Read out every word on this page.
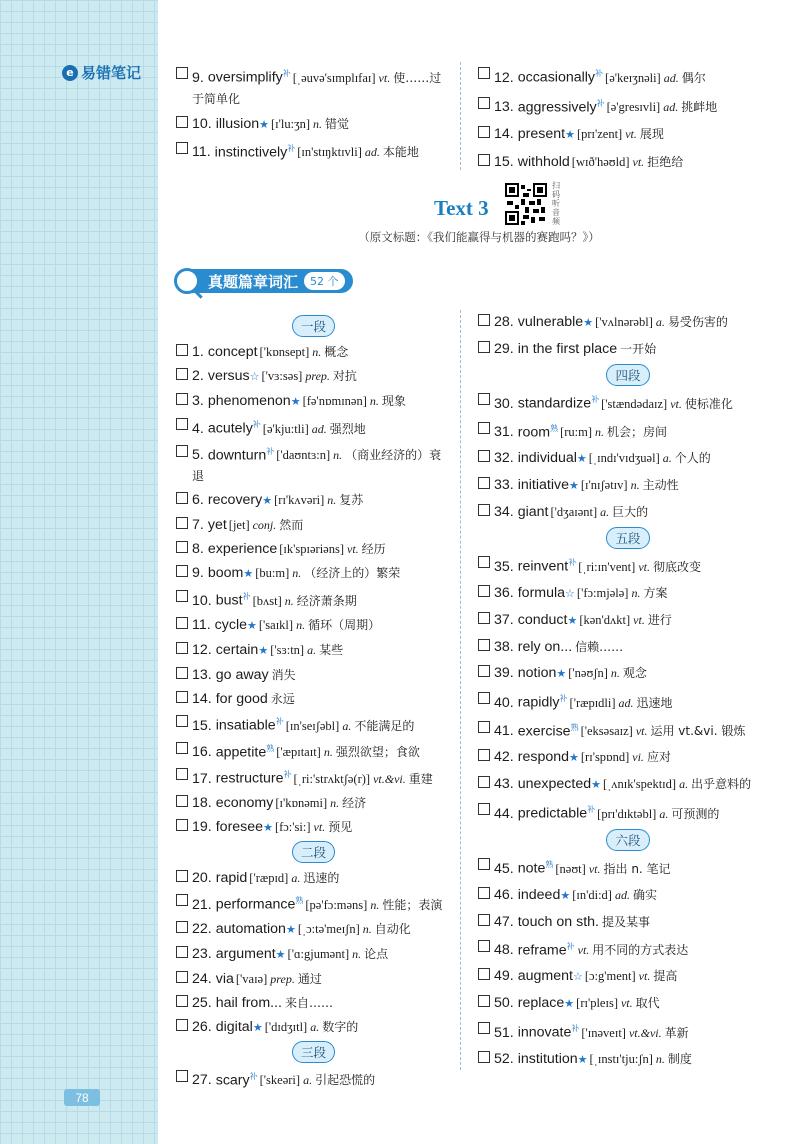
e 易错笔记
78
9. oversimplify$^补$ [ˌəuvə'sɪmplɪfaɪ] vt. 使……过于简单化
10. illusion★ [ɪ'lu:ʒn] n. 错觉
11. instinctively$^补$ [ɪn'stɪŋktɪvli] ad. 本能地
12. occasionally$^补$ [ə'keɪʒnəli] ad. 偶尔
13. aggressively$^补$ [ə'gresɪvli] ad. 挑衅地
14. present★ [prɪ'zent] vt. 展现
15. withhold [wɪð'həʊld] vt. 拒绝给
Text 3
扫码听音频
（原文标题：《我们能赢得与机器的赛跑吗？》）
真题篇章词汇	52 个
一段
1. concept ['kɒnsept] n. 概念
2. versus☆ ['vɜ:səs] prep. 对抗
3. phenomenon★ [fə'nɒmɪnən] n. 现象
4. acutely$^补$ [ə'kju:tli] ad. 强烈地
5. downturn$^补$ ['daʊntɜ:n] n. （商业经济的）衰退
6. recovery★ [rɪ'kʌvəri] n. 复苏
7. yet [jet] conj. 然而
8. experience [ɪk'spɪəriəns] vt. 经历
9. boom★ [bu:m] n. （经济上的）繁荣
10. bust$^补$ [bʌst] n. 经济萧条期
11. cycle★ ['saɪkl] n. 循环（周期）
12. certain★ ['sɜ:tn] a. 某些
13. go away 消失
14. for good 永远
15. insatiable$^补$ [ɪn'seɪʃəbl] a. 不能满足的
16. appetite$^熟$ ['æpɪtaɪt] n. 强烈欲望；食欲
17. restructure$^补$ [ˌri:'strʌktʃə(r)] vt.&vi. 重建
18. economy [ɪ'kɒnəmi] n. 经济
19. foresee★ [fɔ:'si:] vt. 预见
二段
20. rapid ['ræpɪd] a. 迅速的
21. performance$^熟$ [pə'fɔ:məns] n. 性能；表演
22. automation★ [ˌɔ:tə'meɪʃn] n. 自动化
23. argument★ ['ɑ:gjumənt] n. 论点
24. via ['vaɪə] prep. 通过
25. hail from... 来自……
26. digital★ ['dɪdʒɪtl] a. 数字的
三段
27. scary$^补$ ['skeəri] a. 引起恐慌的
28. vulnerable★ ['vʌlnərəbl] a. 易受伤害的
29. in the first place 一开始
四段
30. standardize$^补$ ['stændədaɪz] vt. 使标准化
31. room$^熟$ [ru:m] n. 机会；房间
32. individual★ [ˌɪndɪ'vɪdʒuəl] a. 个人的
33. initiative★ [ɪ'nɪʃətɪv] n. 主动性
34. giant ['dʒaɪənt] a. 巨大的
五段
35. reinvent$^补$ [ˌri:ɪn'vent] vt. 彻底改变
36. formula☆ ['fɔ:mjələ] n. 方案
37. conduct★ [kən'dʌkt] vt. 进行
38. rely on... 信赖……
39. notion★ ['nəʊʃn] n. 观念
40. rapidly$^补$ ['ræpɪdli] ad. 迅速地
41. exercise$^熟$ ['eksəsaɪz] vt. 运用 vt.&vi. 锻炼
42. respond★ [rɪ'spɒnd] vi. 应对
43. unexpected★ [ˌʌnɪk'spektɪd] a. 出乎意料的
44. predictable$^补$ [prɪ'dɪktəbl] a. 可预测的
六段
45. note$^熟$ [nəʊt] vt. 指出 n. 笔记
46. indeed★ [ɪn'di:d] ad. 确实
47. touch on sth. 提及某事
48. reframe$^补$ vt. 用不同的方式表达
49. augment☆ [ɔ:g'ment] vt. 提高
50. replace★ [rɪ'pleɪs] vt. 取代
51. innovate$^补$ ['ɪnəveɪt] vt.&vi. 革新
52. institution★ [ˌɪnstɪ'tju:ʃn] n. 制度
